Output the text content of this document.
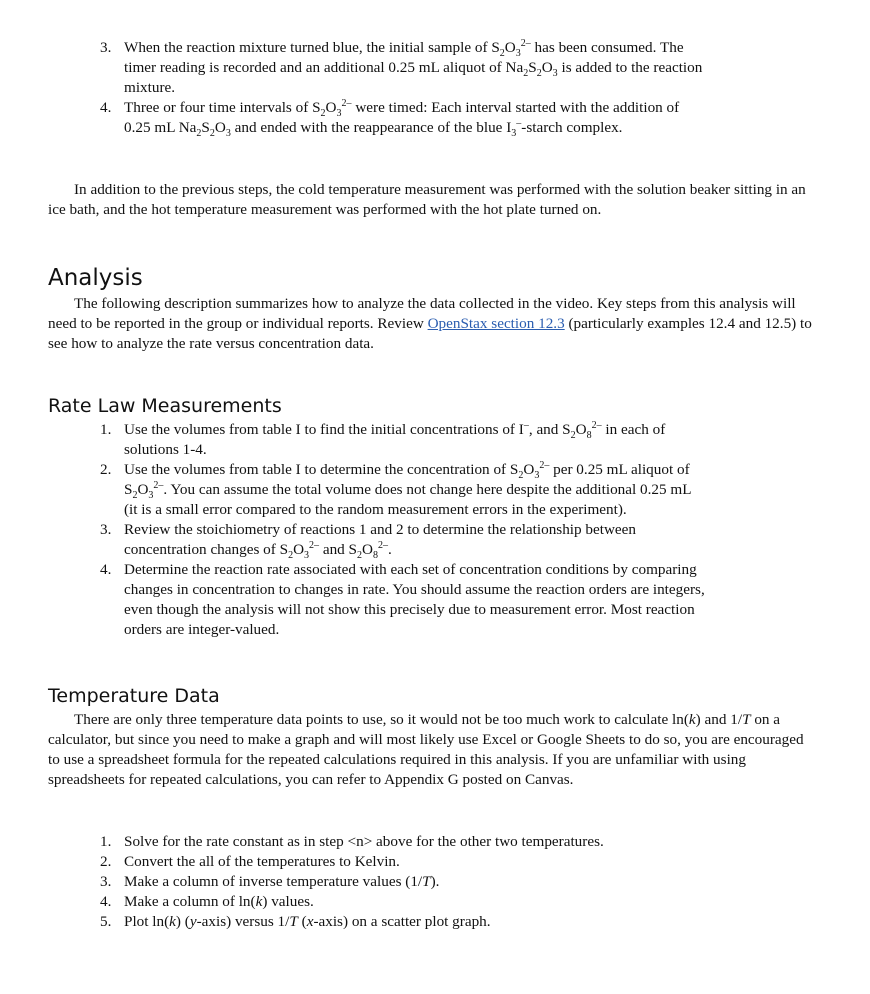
3. When the reaction mixture turned blue, the initial sample of $S_2O_3^{2-}$ has been consumed. The timer reading is recorded and an additional 0.25 mL aliquot of $Na_2S_2O_3$ is added to the reaction mixture.
4. Three or four time intervals of $S_2O_3^{2-}$ were timed: Each interval started with the addition of 0.25 mL $Na_2S_2O_3$ and ended with the reappearance of the blue $I_3^-$-starch complex.

In addition to the previous steps, the cold temperature measurement was performed with the solution beaker sitting in an ice bath, and the hot temperature measurement was performed with the hot plate turned on.

Analysis

The following description summarizes how to analyze the data collected in the video. Key steps from this analysis will need to be reported in the group or individual reports. Review OpenStax section 12.3 (particularly examples 12.4 and 12.5) to see how to analyze the rate versus concentration data.

Rate Law Measurements
1. Use the volumes from table I to find the initial concentrations of I–, and $S_2O_8^{2-}$ in each of solutions 1-4.
2. Use the volumes from table I to determine the concentration of $S_2O_3^{2-}$ per 0.25 mL aliquot of $S_2O_3^{2-}$. You can assume the total volume does not change here despite the additional 0.25 mL (it is a small error compared to the random measurement errors in the experiment).
3. Review the stoichiometry of reactions 1 and 2 to determine the relationship between concentration changes of $S_2O_3^{2-}$ and $S_2O_8^{2-}$.
4. Determine the reaction rate associated with each set of concentration conditions by comparing changes in concentration to changes in rate. You should assume the reaction orders are integers, even though the analysis will not show this precisely due to measurement error. Most reaction orders are integer-valued.
Temperature Data

There are only three temperature data points to use, so it would not be too much work to calculate ln(k) and 1/T on a calculator, but since you need to make a graph and will most likely use Excel or Google Sheets to do so, you are encouraged to use a spreadsheet formula for the repeated calculations required in this analysis. If you are unfamiliar with using spreadsheets for repeated calculations, you can refer to Appendix G posted on Canvas.

1. Solve for the rate constant as in step <n> above for the other two temperatures.
2. Convert the all of the temperatures to Kelvin.
3. Make a column of inverse temperature values (1/T).
4. Make a column of ln(k) values.
5. Plot ln(k) (y-axis) versus 1/T (x-axis) on a scatter plot graph.
